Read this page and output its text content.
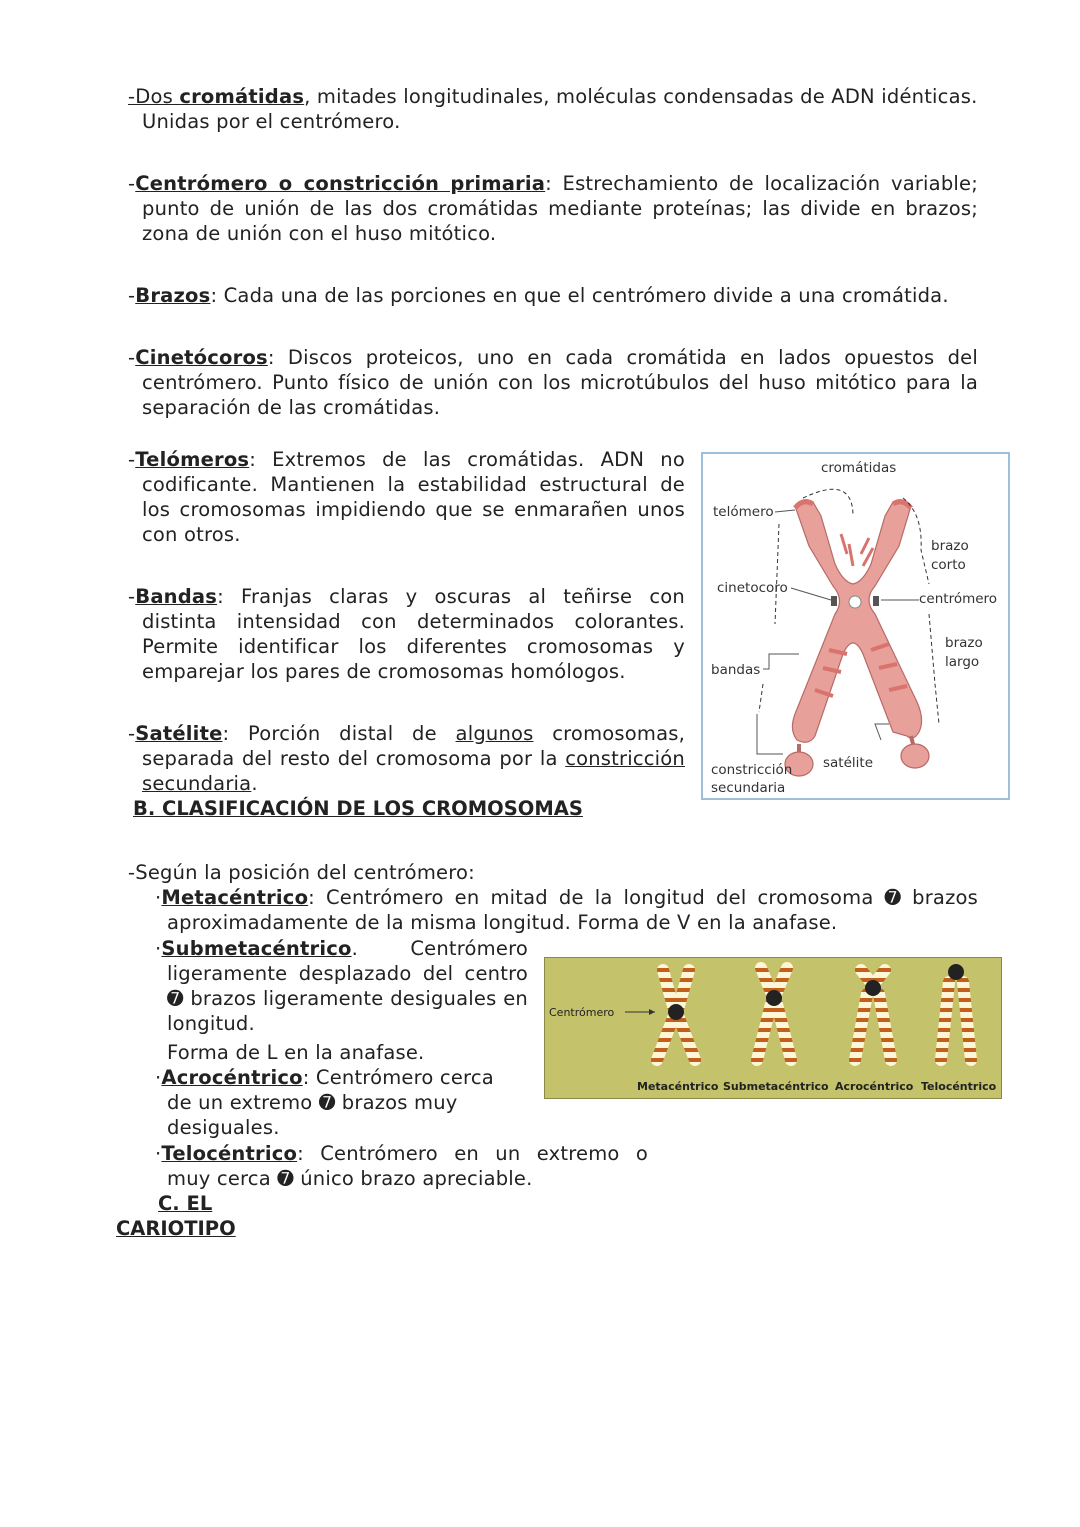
-Dos cromátidas, mitades longitudinales, moléculas condensadas de ADN idénticas.
Unidas por el centrómero.
-Centrómero o constricción primaria: Estrechamiento de localización variable; punto de unión de las dos cromátidas mediante proteínas; las divide en brazos; zona de unión con el huso mitótico.
-Brazos: Cada una de las porciones en que el centrómero divide a una cromátida.
-Cinetócoros: Discos proteicos, uno en cada cromátida en lados opuestos del centrómero. Punto físico de unión con los microtúbulos del huso mitótico para la separación de las cromátidas.
-Telómeros: Extremos de las cromátidas. ADN no codificante. Mantienen la estabilidad estructural de los cromosomas impidiendo que se enmarañen unos con otros.
-Bandas: Franjas claras y oscuras al teñirse con distinta intensidad con determinados colorantes. Permite identificar los diferentes cromosomas y emparejar los pares de cromosomas homólogos.
-Satélite: Porción distal de algunos cromosomas, separada del resto del cromosoma por la constricción secundaria.
B. CLASIFICACIÓN DE LOS CROMOSOMAS
cromátidas
telómero
brazo
corto
cinetocoro
centrómero
brazo
largo
bandas
constricción
secundaria
satélite
-Según la posición del centrómero:
·Metacéntrico: Centrómero en mitad de la longitud del cromosoma ➐ brazos aproximadamente de la misma longitud. Forma de V en la anafase.
·Submetacéntrico. Centrómero ligeramente desplazado del centro ➐ brazos ligeramente desiguales en longitud.
Forma de L en la anafase.
·Acrocéntrico: Centrómero cerca de un extremo ➐ brazos muy desiguales.
·Telocéntrico: Centrómero en un extremo o muy cerca ➐ único brazo apreciable.
C. EL
CARIOTIPO
Centrómero
Metacéntrico Submetacéntrico Acrocéntrico Telocéntrico
